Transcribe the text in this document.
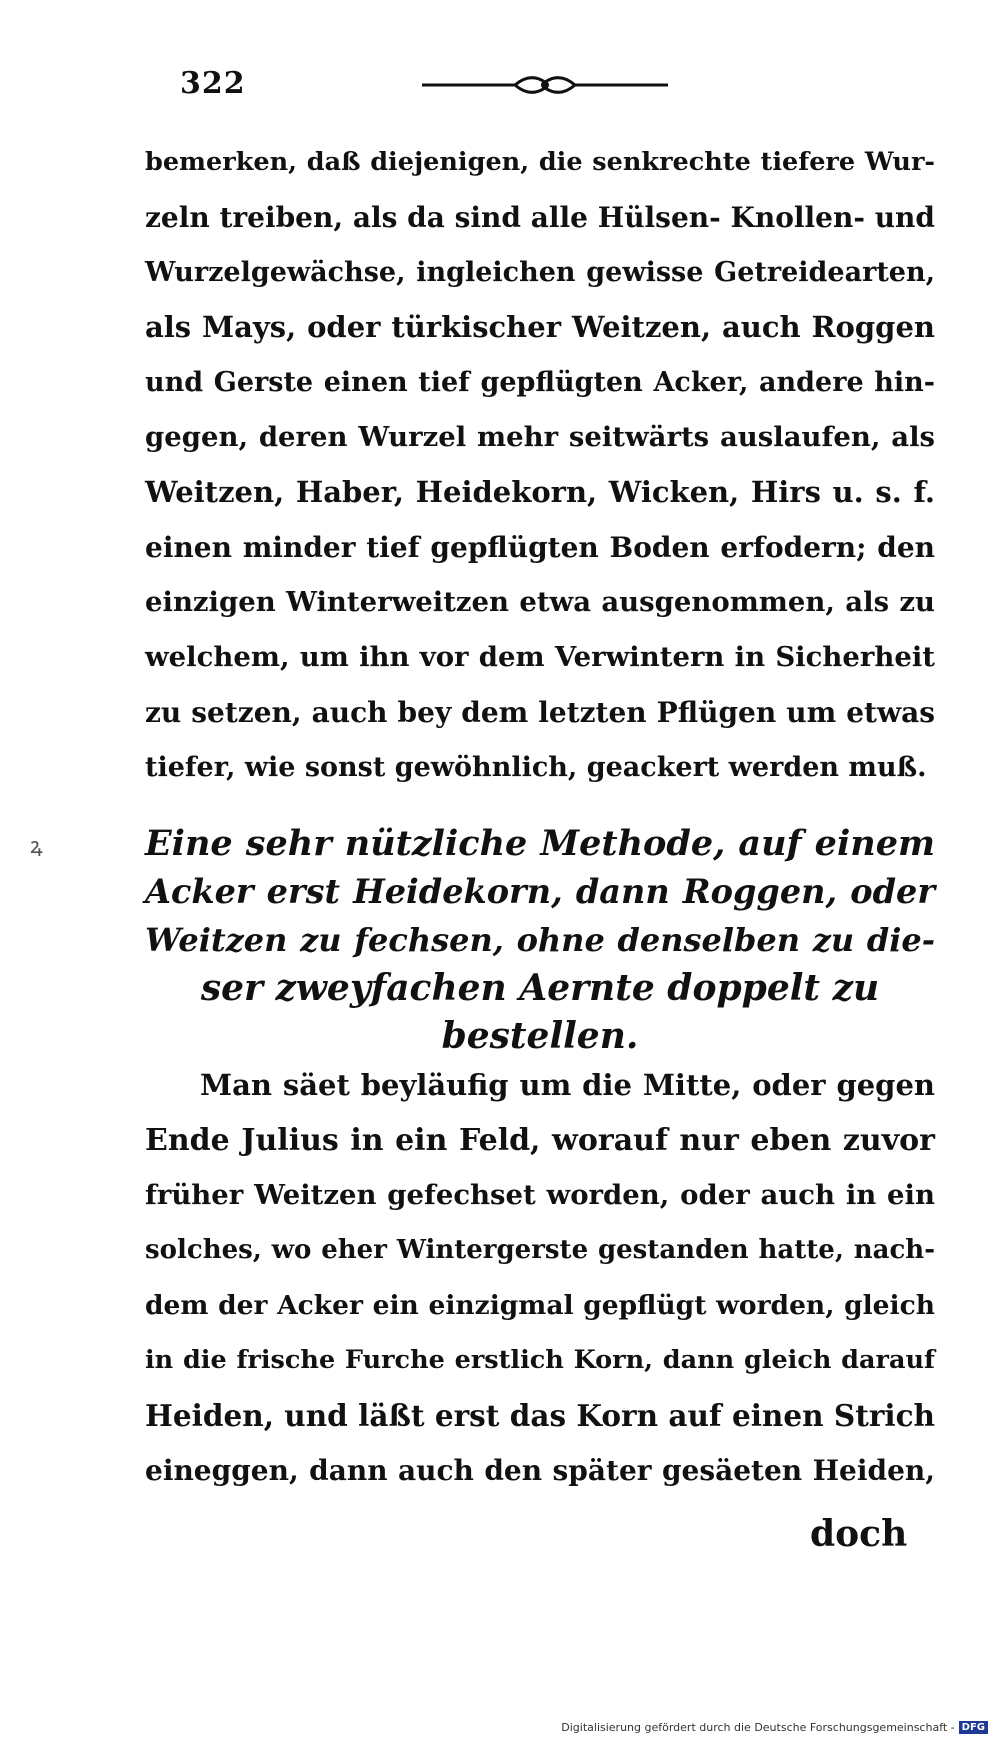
322
ꝝ
bemerken, daß diejenigen, die senkrechte tiefere Wur-
zeln treiben, als da sind alle Hülsen- Knollen- und
Wurzelgewächse, ingleichen gewisse Getreidearten,
als Mays, oder türkischer Weitzen, auch Roggen
und Gerste einen tief gepflügten Acker, andere hin-
gegen, deren Wurzel mehr seitwärts auslaufen, als
Weitzen, Haber, Heidekorn, Wicken, Hirs u. s. f.
einen minder tief gepflügten Boden erfodern; den
einzigen Winterweitzen etwa ausgenommen, als zu
welchem, um ihn vor dem Verwintern in Sicherheit
zu setzen, auch bey dem letzten Pflügen um etwas
tiefer, wie sonst gewöhnlich, geackert werden muß.
Eine sehr nützliche Methode, auf einem
Acker erst Heidekorn, dann Roggen, oder
Weitzen zu fechsen, ohne denselben zu die-
ser zweyfachen Aernte doppelt zu
bestellen.
Man säet beyläufig um die Mitte, oder gegen
Ende Julius in ein Feld, worauf nur eben zuvor
früher Weitzen gefechset worden, oder auch in ein
solches, wo eher Wintergerste gestanden hatte, nach-
dem der Acker ein einzigmal gepflügt worden, gleich
in die frische Furche erstlich Korn, dann gleich darauf
Heiden, und läßt erst das Korn auf einen Strich
eineggen, dann auch den später gesäeten Heiden,
doch
Digitalisierung gefördert durch die Deutsche Forschungsgemeinschaft - DFG
